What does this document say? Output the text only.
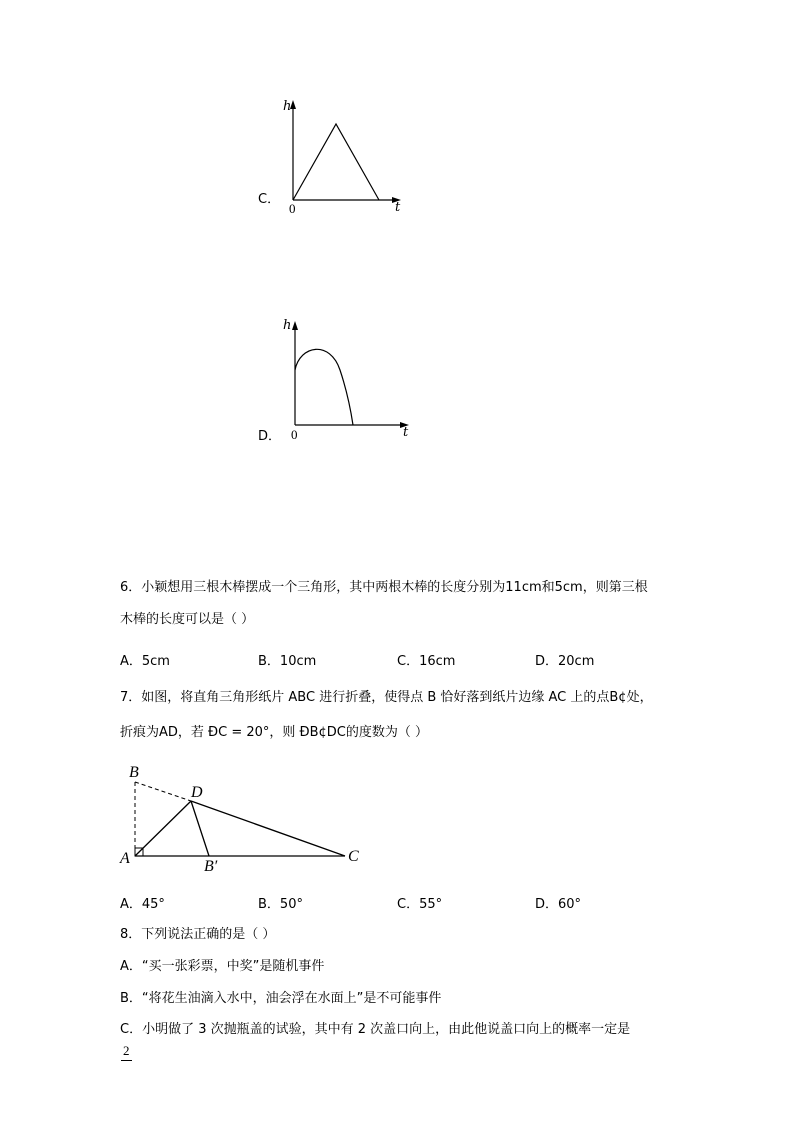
h
t
0
C．
h
t
0
D．
6．小颖想用三根木棒摆成一个三角形，其中两根木棒的长度分别为11cm和5cm，则第三根
木棒的长度可以是（ ）
A．5cm	B．10cm	C．16cm	D．20cm
7．如图，将直角三角形纸片 ABC 进行折叠，使得点 B 恰好落到纸片边缘 AC 上的点B¢处，
折痕为AD，若 ÐC = 20°，则 ÐB¢DC的度数为（ ）
B
D
A	B′
C
A．45°	B．50°	C．55°	D．60°
8．下列说法正确的是（ ）
A．“买一张彩票，中奖”是随机事件
B．“将花生油滴入水中，油会浮在水面上”是不可能事件
C．小明做了 3 次抛瓶盖的试验，其中有 2 次盖口向上，由此他说盖口向上的概率一定是
2
